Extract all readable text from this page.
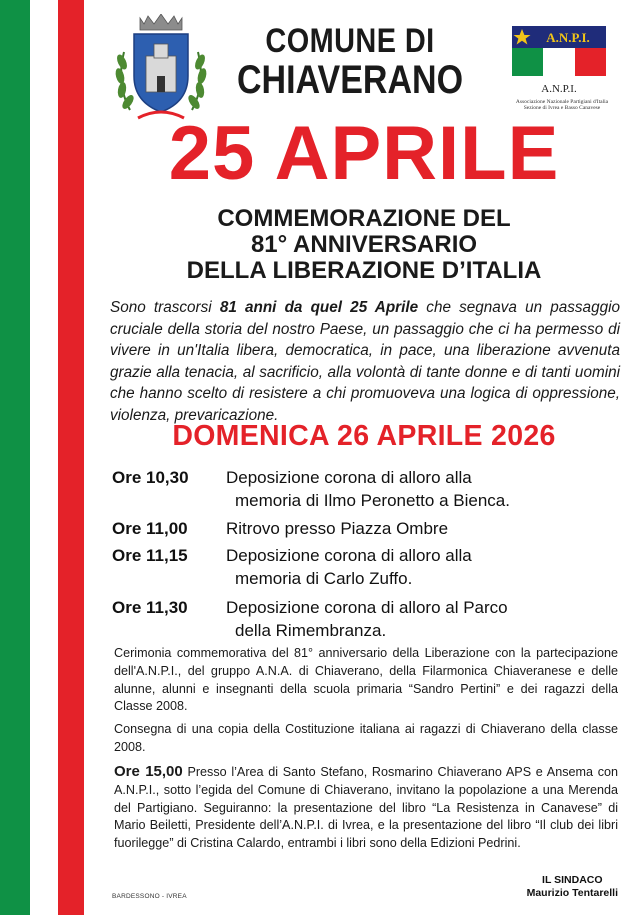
COMUNE DI
CHIAVERANO
A.N.P.I.
A.N.P.I.
Associazione Nazionale Partigiani d'Italia
Sezione di Ivrea e Basso Canavese
25 APRILE
COMMEMORAZIONE DEL
81° ANNIVERSARIO
DELLA LIBERAZIONE D’ITALIA
Sono trascorsi 81 anni da quel 25 Aprile che segnava un passaggio cruciale della storia del nostro Paese, un passaggio che ci ha permesso di vivere in un'Italia libera, democratica, in pace, una liberazione avvenuta grazie alla tenacia, al sacrificio, alla volontà di tante donne e di tanti uomini che hanno scelto di resistere a chi promuoveva una logica di oppressione, violenza, prevaricazione.
DOMENICA 26 APRILE 2026
Ore 10,30	Deposizione corona di alloro alla
memoria di Ilmo Peronetto a Bienca.
Ore 11,00	Ritrovo presso Piazza Ombre
Ore 11,15	Deposizione corona di alloro alla
memoria di Carlo Zuffo.
Ore 11,30	Deposizione corona di alloro al Parco
della Rimembranza.
Cerimonia commemorativa del 81° anniversario della Liberazione con la partecipazione dell'A.N.P.I., del gruppo A.N.A. di Chiaverano, della Filarmonica Chiaveranese e delle alunne, alunni e insegnanti della scuola primaria “Sandro Pertini” e dei ragazzi della Classe 2008.
Consegna di una copia della Costituzione italiana ai ragazzi di Chiaverano della classe 2008.
Ore 15,00 Presso l’Area di Santo Stefano, Rosmarino Chiaverano APS e Ansema con A.N.P.I., sotto l’egida del Comune di Chiaverano, invitano la popolazione a una Merenda del Partigiano. Seguiranno: la presentazione del libro “La Resistenza in Canavese” di Mario Beiletti, Presidente dell’A.N.P.I. di Ivrea, e la presentazione del libro “Il club dei libri fuorilegge” di Cristina Calardo, entrambi i libri sono della Edizioni Pedrini.
IL SINDACO
Maurizio Tentarelli
BARDESSONO - IVREA
